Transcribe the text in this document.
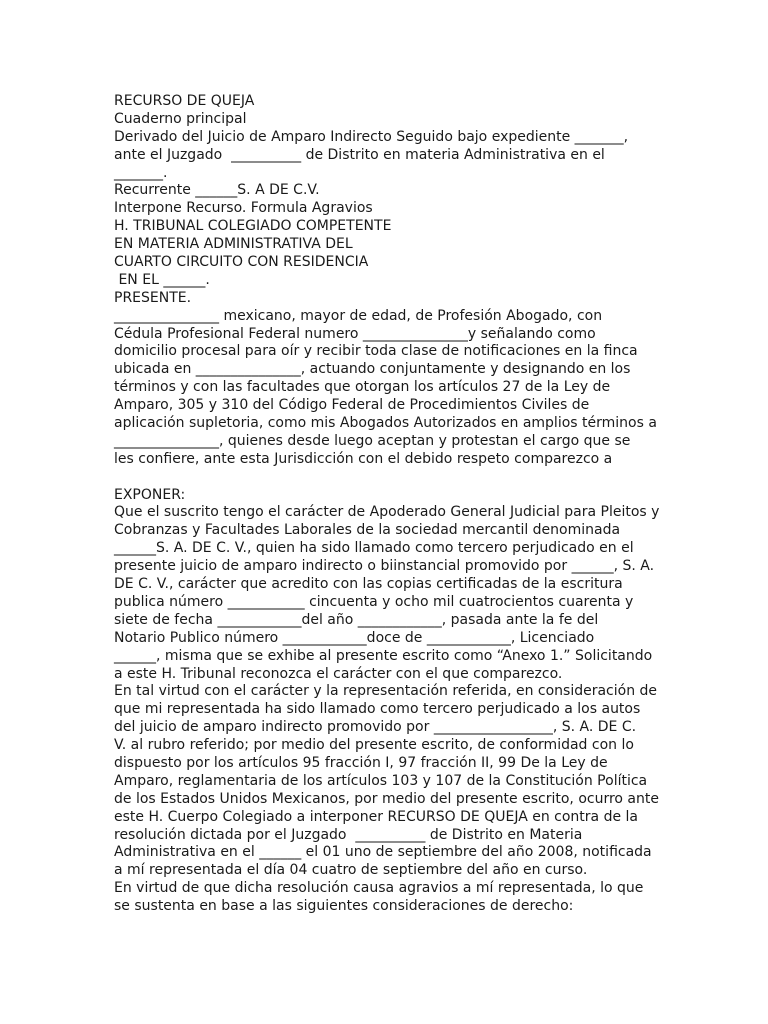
RECURSO DE QUEJA
Cuaderno principal
Derivado del Juicio de Amparo Indirecto Seguido bajo expediente _______,
ante el Juzgado  __________ de Distrito en materia Administrativa en el
_______.
Recurrente ______S. A DE C.V.
Interpone Recurso. Formula Agravios
H. TRIBUNAL COLEGIADO COMPETENTE
EN MATERIA ADMINISTRATIVA DEL
CUARTO CIRCUITO CON RESIDENCIA
EN EL ______.
PRESENTE.
_______________ mexicano, mayor de edad, de Profesión Abogado, con
Cédula Profesional Federal numero _______________y señalando como
domicilio procesal para oír y recibir toda clase de notificaciones en la finca
ubicada en _______________, actuando conjuntamente y designando en los
términos y con las facultades que otorgan los artículos 27 de la Ley de
Amparo, 305 y 310 del Código Federal de Procedimientos Civiles de
aplicación supletoria, como mis Abogados Autorizados en amplios términos a
_______________, quienes desde luego aceptan y protestan el cargo que se
les confiere, ante esta Jurisdicción con el debido respeto comparezco a
EXPONER:
Que el suscrito tengo el carácter de Apoderado General Judicial para Pleitos y
Cobranzas y Facultades Laborales de la sociedad mercantil denominada
______S. A. DE C. V., quien ha sido llamado como tercero perjudicado en el
presente juicio de amparo indirecto o biinstancial promovido por ______, S. A.
DE C. V., carácter que acredito con las copias certificadas de la escritura
publica número ___________ cincuenta y ocho mil cuatrocientos cuarenta y
siete de fecha ____________del año ____________, pasada ante la fe del
Notario Publico número ____________doce de ____________, Licenciado
______, misma que se exhibe al presente escrito como “Anexo 1.” Solicitando
a este H. Tribunal reconozca el carácter con el que comparezco.
En tal virtud con el carácter y la representación referida, en consideración de
que mi representada ha sido llamado como tercero perjudicado a los autos
del juicio de amparo indirecto promovido por _________________, S. A. DE C.
V. al rubro referido; por medio del presente escrito, de conformidad con lo
dispuesto por los artículos 95 fracción I, 97 fracción II, 99 De la Ley de
Amparo, reglamentaria de los artículos 103 y 107 de la Constitución Política
de los Estados Unidos Mexicanos, por medio del presente escrito, ocurro ante
este H. Cuerpo Colegiado a interponer RECURSO DE QUEJA en contra de la
resolución dictada por el Juzgado  __________ de Distrito en Materia
Administrativa en el ______ el 01 uno de septiembre del año 2008, notificada
a mí representada el día 04 cuatro de septiembre del año en curso.
En virtud de que dicha resolución causa agravios a mí representada, lo que
se sustenta en base a las siguientes consideraciones de derecho:
